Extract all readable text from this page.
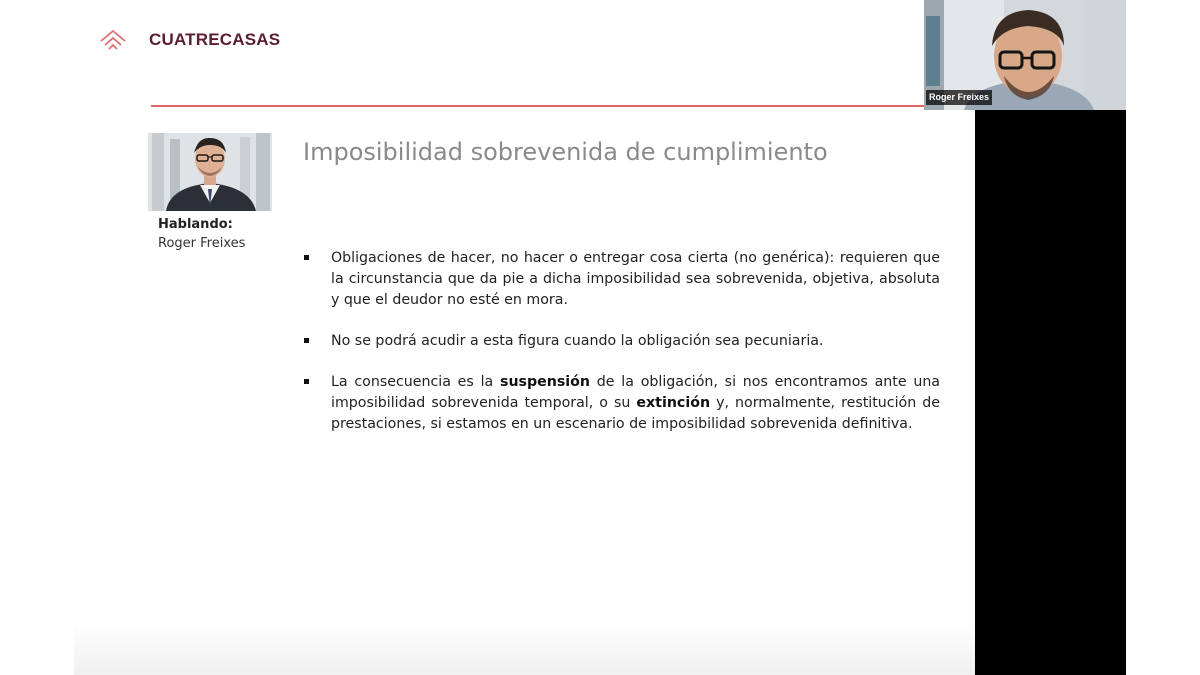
CUATRECASAS
Hablando:
Roger Freixes
Imposibilidad sobrevenida de cumplimiento
Obligaciones de hacer, no hacer o entregar cosa cierta (no genérica): requieren que la circunstancia que da pie a dicha imposibilidad sea sobrevenida, objetiva, absoluta y que el deudor no esté en mora.
No se podrá acudir a esta figura cuando la obligación sea pecuniaria.
La consecuencia es la suspensión de la obligación, si nos encontramos ante una imposibilidad sobrevenida temporal, o su extinción y, normalmente, restitución de prestaciones, si estamos en un escenario de imposibilidad sobrevenida definitiva.
Roger Freixes
